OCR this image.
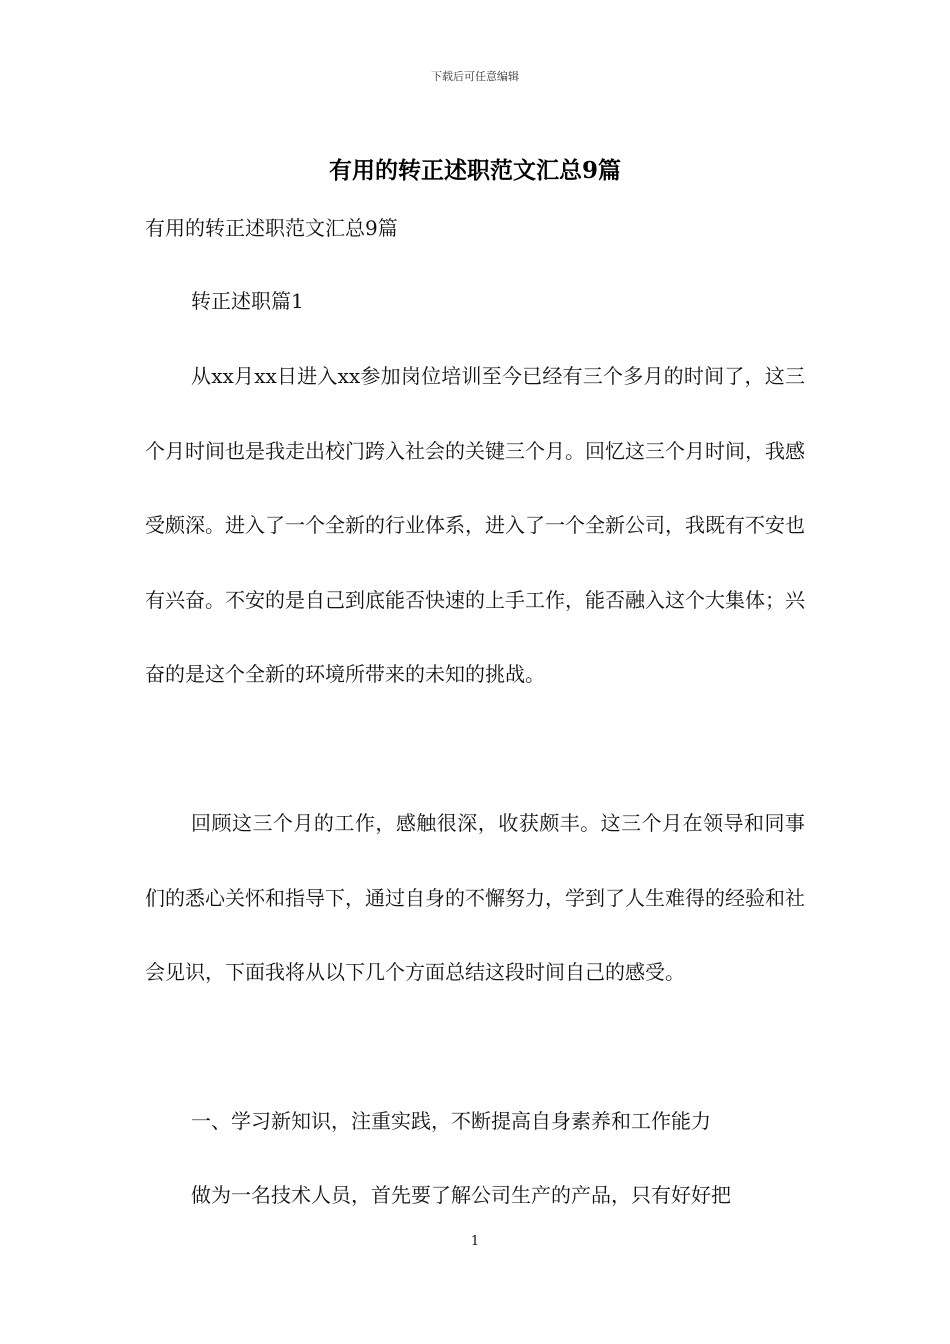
下载后可任意编辑
有用的转正述职范文汇总9篇
有用的转正述职范文汇总9篇

转正述职篇1

从xx月xx日进入xx参加岗位培训至今已经有三个多月的时间了，这三个月时间也是我走出校门跨入社会的关键三个月。回忆这三个月时间，我感受颇深。进入了一个全新的行业体系，进入了一个全新公司，我既有不安也有兴奋。不安的是自己到底能否快速的上手工作，能否融入这个大集体；兴奋的是这个全新的环境所带来的未知的挑战。

回顾这三个月的工作，感触很深，收获颇丰。这三个月在领导和同事们的悉心关怀和指导下，通过自身的不懈努力，学到了人生难得的经验和社会见识，下面我将从以下几个方面总结这段时间自己的感受。

一、学习新知识，注重实践，不断提高自身素养和工作能力

做为一名技术人员，首先要了解公司生产的产品，只有好好把

1
